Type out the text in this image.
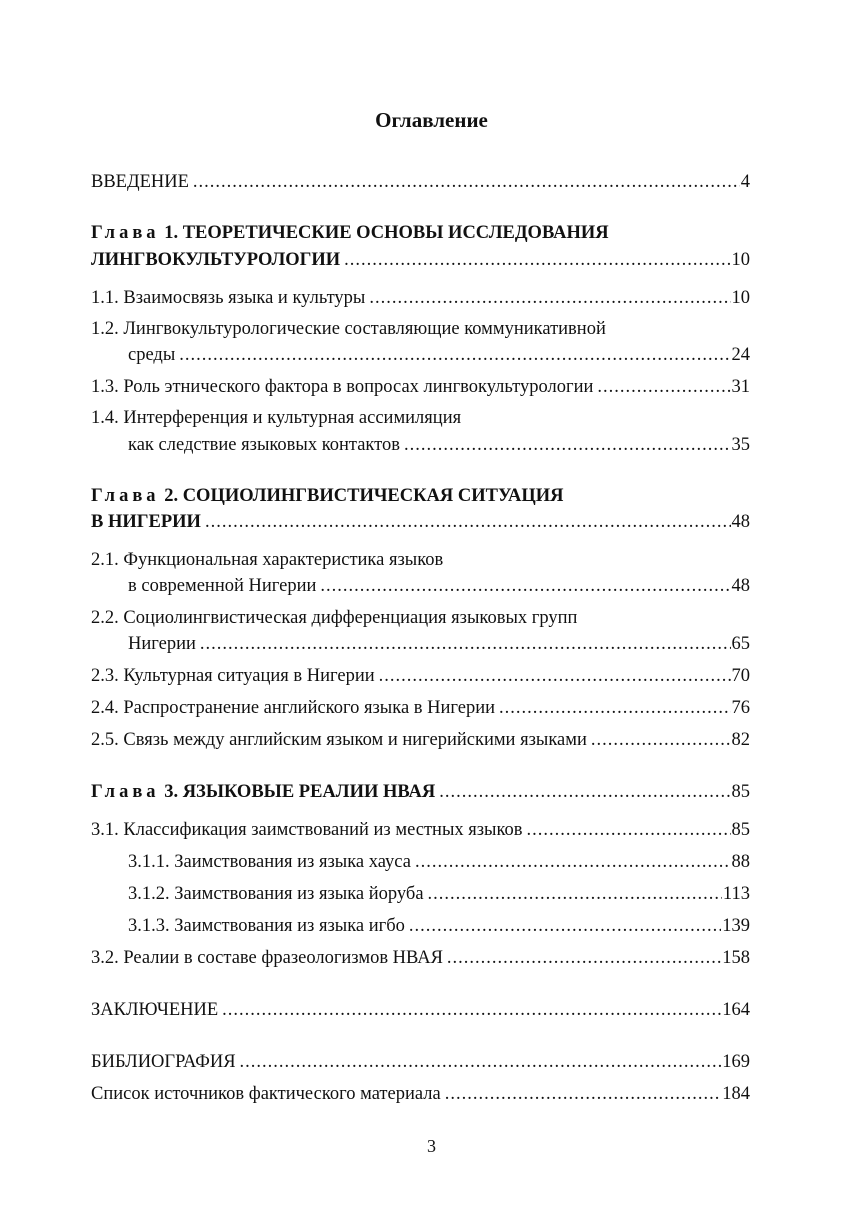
Оглавление
ВВЕДЕНИЕ .....	4
Глава 1. ТЕОРЕТИЧЕСКИЕ ОСНОВЫ ИССЛЕДОВАНИЯ
ЛИНГВОКУЛЬТУРОЛОГИИ .....	10
1.1. Взаимосвязь языка и культуры .....	10
1.2. Лингвокультурологические составляющие коммуникативной
среды .....	24
1.3. Роль этнического фактора в вопросах лингвокультурологии .....	31
1.4. Интерференция и культурная ассимиляция
как следствие языковых контактов .....	35
Глава 2. СОЦИОЛИНГВИСТИЧЕСКАЯ СИТУАЦИЯ
В НИГЕРИИ .....	48
2.1. Функциональная характеристика языков
в современной Нигерии .....	48
2.2. Социолингвистическая дифференциация языковых групп
Нигерии .....	65
2.3. Культурная ситуация в Нигерии .....	70
2.4. Распространение английского языка в Нигерии .....	76
2.5. Связь между английским языком и нигерийскими языками .....	82
Глава 3. ЯЗЫКОВЫЕ РЕАЛИИ НВАЯ .....	85
3.1. Классификация заимствований из местных языков .....	85
3.1.1. Заимствования из языка хауса .....	88
3.1.2. Заимствования из языка йоруба .....	113
3.1.3. Заимствования из языка игбо .....	139
3.2. Реалии в составе фразеологизмов НВАЯ .....	158
ЗАКЛЮЧЕНИЕ .....	164
БИБЛИОГРАФИЯ .....	169
Список источников фактического материала .....	184
3
